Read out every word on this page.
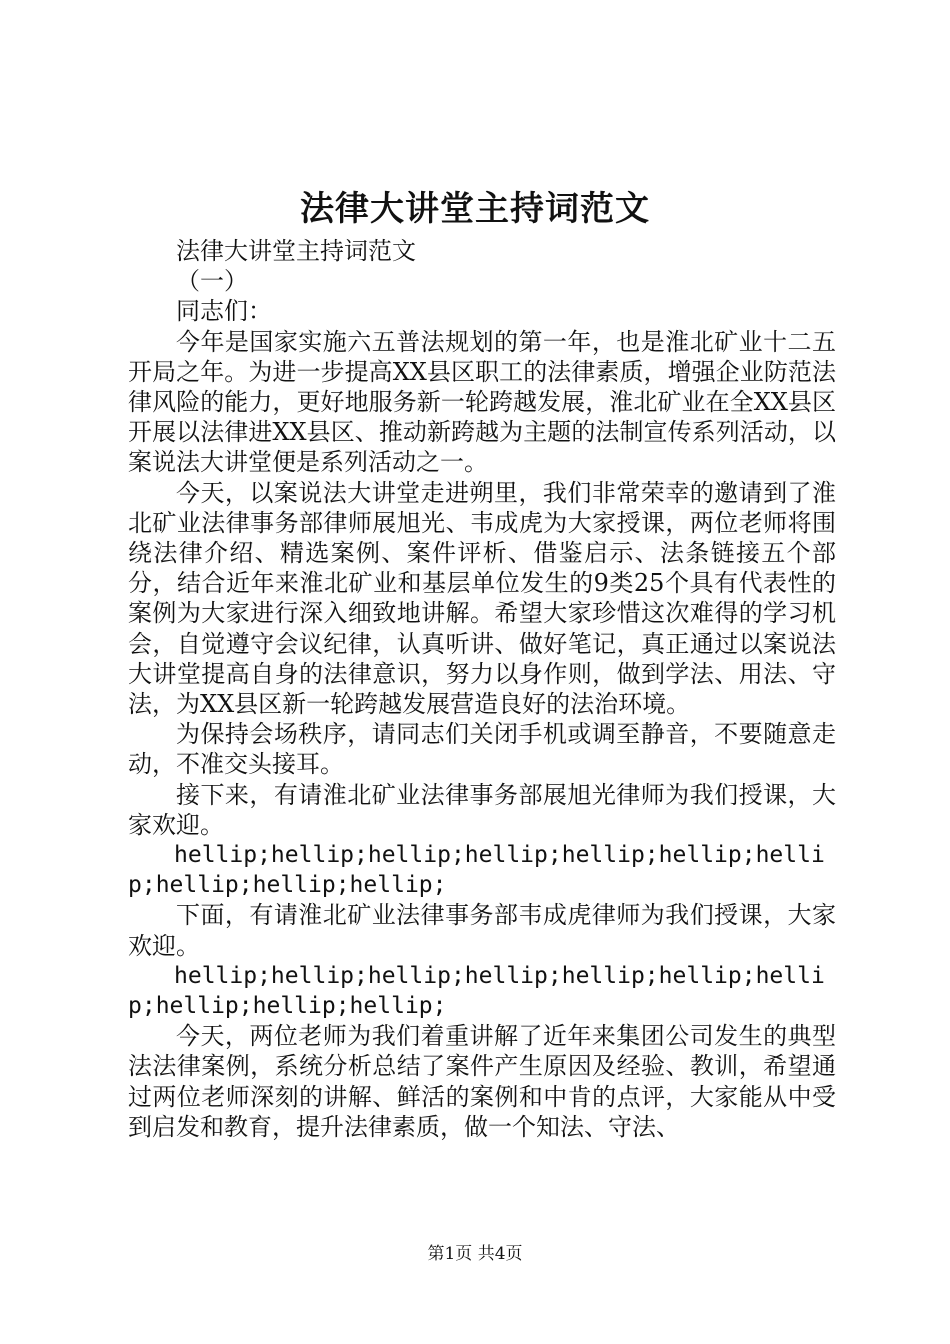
法律大讲堂主持词范文

法律大讲堂主持词范文

（一）

同志们：

今年是国家实施六五普法规划的第一年，也是淮北矿业十二五开局之年。为进一步提高XX县区职工的法律素质，增强企业防范法律风险的能力，更好地服务新一轮跨越发展，淮北矿业在全XX县区开展以法律进XX县区、推动新跨越为主题的法制宣传系列活动，以案说法大讲堂便是系列活动之一。

今天，以案说法大讲堂走进朔里，我们非常荣幸的邀请到了淮北矿业法律事务部律师展旭光、韦成虎为大家授课，两位老师将围绕法律介绍、精选案例、案件评析、借鉴启示、法条链接五个部分，结合近年来淮北矿业和基层单位发生的9类25个具有代表性的案例为大家进行深入细致地讲解。希望大家珍惜这次难得的学习机会，自觉遵守会议纪律，认真听讲、做好笔记，真正通过以案说法大讲堂提高自身的法律意识，努力以身作则，做到学法、用法、守法，为XX县区新一轮跨越发展营造良好的法治环境。

为保持会场秩序，请同志们关闭手机或调至静音，不要随意走动，不准交头接耳。

接下来，有请淮北矿业法律事务部展旭光律师为我们授课，大家欢迎。

hellip;hellip;hellip;hellip;hellip;hellip;hellip;hellip;hellip;hellip;

下面，有请淮北矿业法律事务部韦成虎律师为我们授课，大家欢迎。

hellip;hellip;hellip;hellip;hellip;hellip;hellip;hellip;hellip;hellip;

今天，两位老师为我们着重讲解了近年来集团公司发生的典型法法律案例，系统分析总结了案件产生原因及经验、教训，希望通过两位老师深刻的讲解、鲜活的案例和中肯的点评，大家能从中受到启发和教育，提升法律素质，做一个知法、守法、

第1页 共4页
